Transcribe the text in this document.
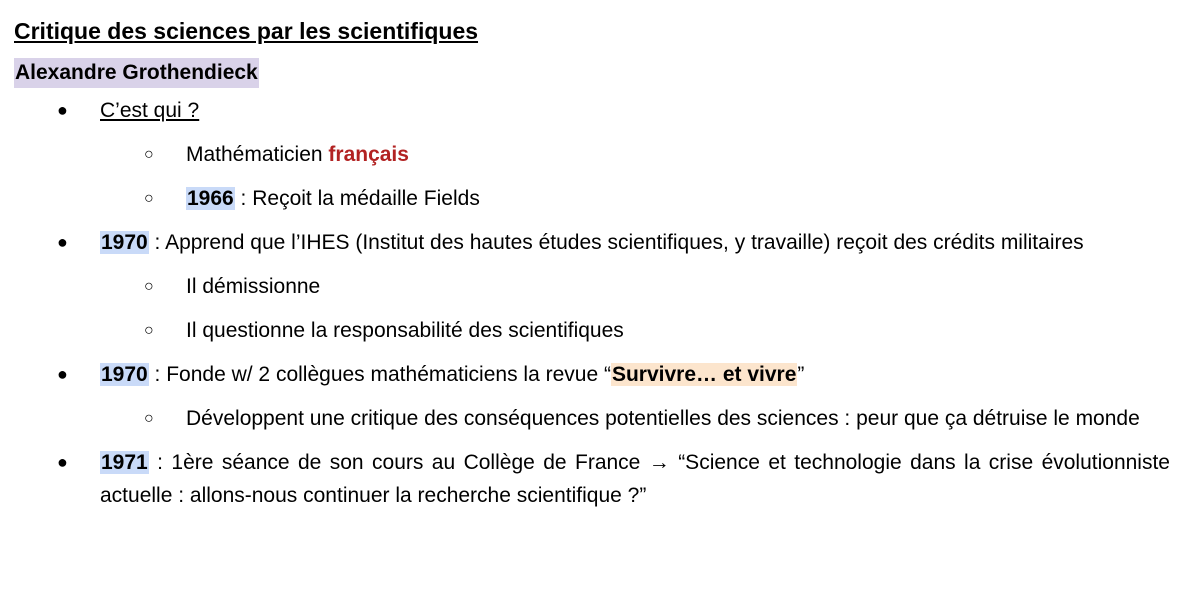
Critique des sciences par les scientifiques
Alexandre Grothendieck
● C’est qui ?
○ Mathématicien français
○ 1966 : Reçoit la médaille Fields
● 1970 : Apprend que l’IHES (Institut des hautes études scientifiques, y travaille) reçoit des crédits militaires
○ Il démissionne
○ Il questionne la responsabilité des scientifiques
● 1970 : Fonde w/ 2 collègues mathématiciens la revue “Survivre… et vivre”
○ Développent une critique des conséquences potentielles des sciences : peur que ça détruise le monde
● 1971 : 1ère séance de son cours au Collège de France → “Science et technologie dans la crise évolutionniste actuelle : allons-nous continuer la recherche scientifique ?”
